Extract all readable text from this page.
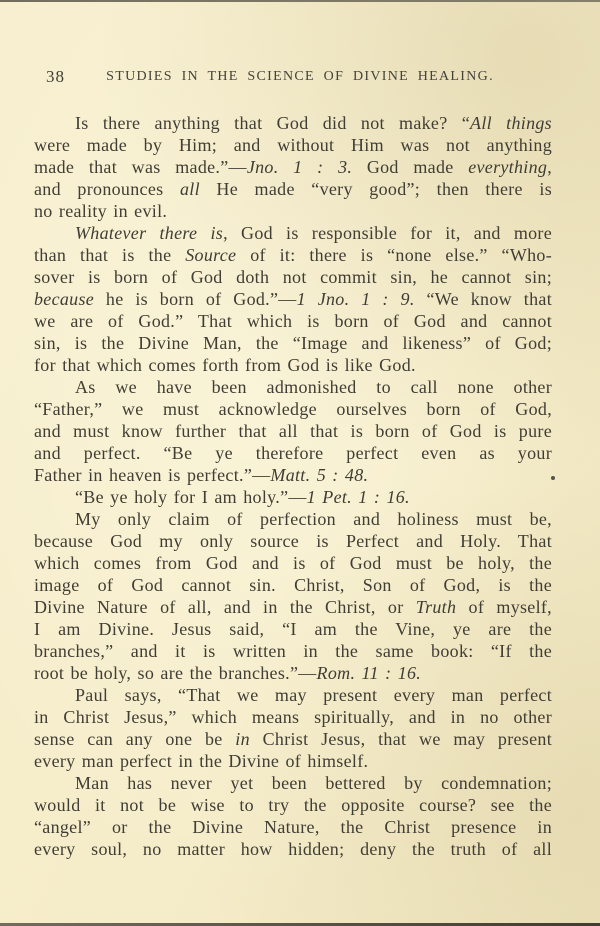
38	STUDIES IN THE SCIENCE OF DIVINE HEALING.
Is there anything that God did not make? “All things
were made by Him; and without Him was not anything
made that was made.”—Jno. 1 : 3. God made everything,
and pronounces all He made “very good”; then there is
no reality in evil.
Whatever there is, God is responsible for it, and more
than that is the Source of it: there is “none else.” “Who-
sover is born of God doth not commit sin, he cannot sin;
because he is born of God.”—1 Jno. 1 : 9. “We know that
we are of God.” That which is born of God and cannot
sin, is the Divine Man, the “Image and likeness” of God;
for that which comes forth from God is like God.
As we have been admonished to call none other
“Father,” we must acknowledge ourselves born of God,
and must know further that all that is born of God is pure
and perfect. “Be ye therefore perfect even as your
Father in heaven is perfect.”—Matt. 5 : 48.
“Be ye holy for I am holy.”—1 Pet. 1 : 16.
My only claim of perfection and holiness must be,
because God my only source is Perfect and Holy. That
which comes from God and is of God must be holy, the
image of God cannot sin. Christ, Son of God, is the
Divine Nature of all, and in the Christ, or Truth of myself,
I am Divine. Jesus said, “I am the Vine, ye are the
branches,” and it is written in the same book: “If the
root be holy, so are the branches.”—Rom. 11 : 16.
Paul says, “That we may present every man perfect
in Christ Jesus,” which means spiritually, and in no other
sense can any one be in Christ Jesus, that we may present
every man perfect in the Divine of himself.
Man has never yet been bettered by condemnation;
would it not be wise to try the opposite course? see the
“angel” or the Divine Nature, the Christ presence in
every soul, no matter how hidden; deny the truth of all
